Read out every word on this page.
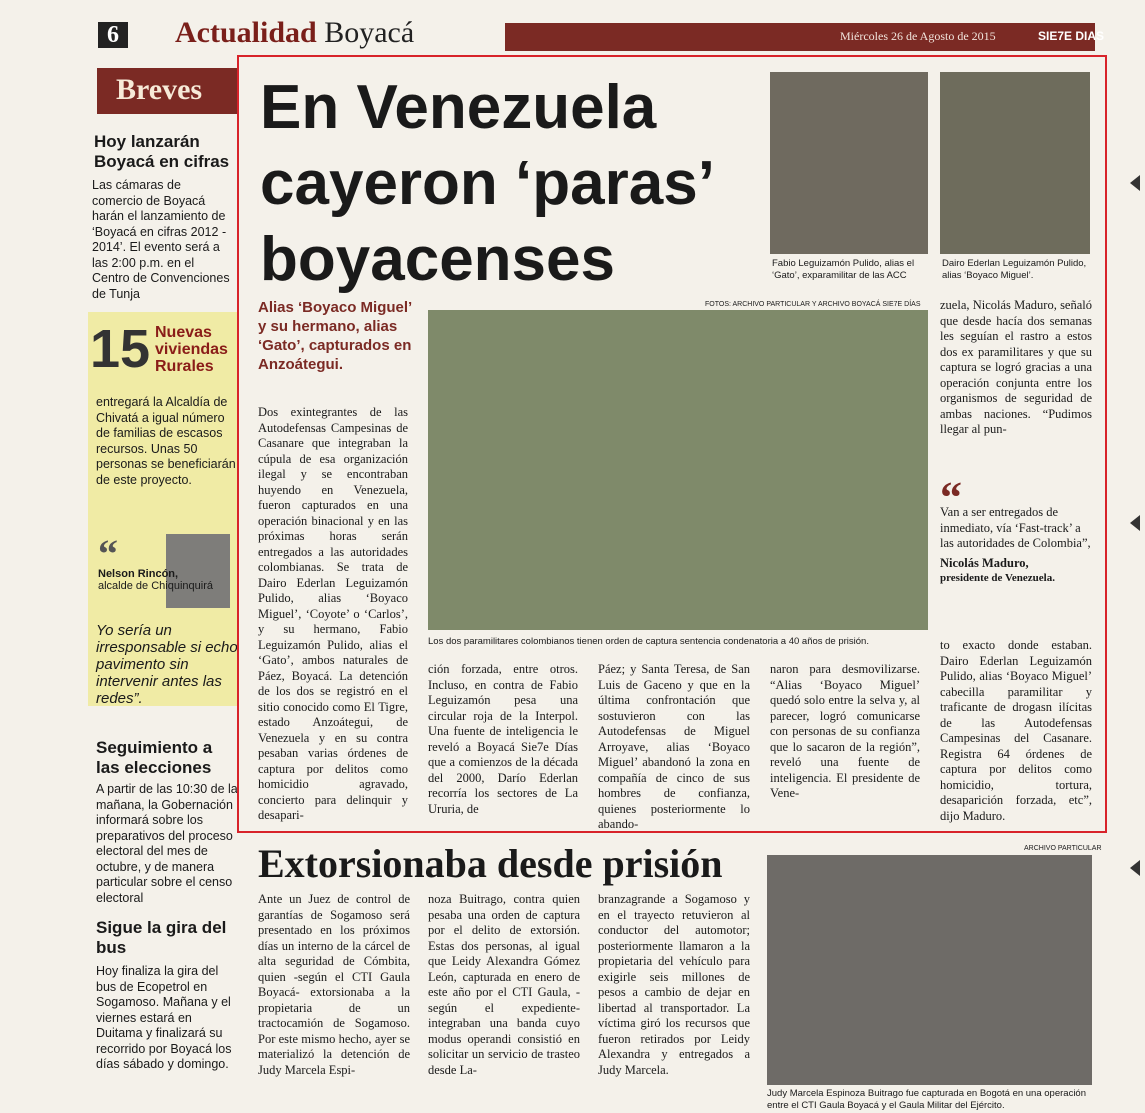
6	Actualidad Boyacá	Miércoles 26 de Agosto de 2015	SIE7E DIAS
Breves
Hoy lanzarán Boyacá en cifras
Las cámaras de comercio de Boyacá harán el lanzamiento de ‘Boyacá en cifras 2012 - 2014’. El evento será a las 2:00 p.m. en el Centro de Convenciones de Tunja
15 Nuevas viviendas Rurales
entregará la Alcaldía de Chivatá a igual número de familias de escasos recursos. Unas 50 personas se beneficiarán de este proyecto.
“
Nelson Rincón,
alcalde de Chiquinquirá
Yo sería un irresponsable si echo pavimento sin intervenir antes las redes”.
Seguimiento a las elecciones
A partir de las 10:30 de la mañana, la Gobernación informará sobre los preparativos del proceso electoral del mes de octubre, y de manera particular sobre el censo electoral
Sigue la gira del bus
Hoy finaliza la gira del bus de Ecopetrol en Sogamoso. Mañana y el viernes estará en Duitama y finalizará su recorrido por Boyacá los días sábado y domingo.
En Venezuela cayeron ‘paras’ boyacenses	Fabio Leguizamón Pulido, alias el ‘Gato’, exparamilitar de las ACC
Dairo Ederlan Leguizamón Pulido, alias ‘Boyaco Miguel’.
Alias ‘Boyaco Miguel’ y su hermano, alias ‘Gato’, capturados en Anzoátegui.
FOTOS: ARCHIVO PARTICULAR Y ARCHIVO BOYACÁ SIE7E DÍAS
Los dos paramilitares colombianos tienen orden de captura sentencia condenatoria a 40 años de prisión.
Dos exintegrantes de las Autodefensas Campesinas de Casanare que integraban la cúpula de esa organización ilegal y se encontraban huyendo en Venezuela, fueron capturados en una operación binacional y en las próximas horas serán entregados a las autoridades colombianas. Se trata de Dairo Ederlan Leguizamón Pulido, alias ‘Boyaco Miguel’, ‘Coyote’ o ‘Carlos’, y su hermano, Fabio Leguizamón Pulido, alias el ‘Gato’, ambos naturales de Páez, Boyacá. La detención de los dos se registró en el sitio conocido como El Tigre, estado Anzoátegui, de Venezuela y en su contra pesaban varias órdenes de captura por delitos como homicidio agravado, concierto para delinquir y desapari-
ción forzada, entre otros. Incluso, en contra de Fabio Leguizamón pesa una circular roja de la Interpol. Una fuente de inteligencia le reveló a Boyacá Sie7e Días que a comienzos de la década del 2000, Darío Ederlan recorría los sectores de La Ururia, de
Páez; y Santa Teresa, de San Luis de Gaceno y que en la última confrontación que sostuvieron con las Autodefensas de Miguel Arroyave, alias ‘Boyaco Miguel’ abandonó la zona en compañía de cinco de sus hombres de confianza, quienes posteriormente lo abando-
naron para desmovilizarse. “Alias ‘Boyaco Miguel’ quedó solo entre la selva y, al parecer, logró comunicarse con personas de su confianza que lo sacaron de la región”, reveló una fuente de inteligencia. El presidente de Vene-
zuela, Nicolás Maduro, señaló que desde hacía dos semanas les seguían el rastro a estos dos ex paramilitares y que su captura se logró gracias a una operación conjunta entre los organismos de seguridad de ambas naciones. “Pudimos llegar al pun-
to exacto donde estaban. Dairo Ederlan Leguizamón Pulido, alias ‘Boyaco Miguel’ cabecilla paramilitar y traficante de drogasn ilícitas de las Autodefensas Campesinas del Casanare. Registra 64 órdenes de captura por delitos como homicidio, tortura, desaparición forzada, etc”, dijo Maduro.
“
Van a ser entregados de inmediato, vía ‘Fast-track’ a las autoridades de Colombia”,
Nicolás Maduro,
presidente de Venezuela.
Extorsionaba desde prisión
Ante un Juez de control de garantías de Sogamoso será presentado en los próximos días un interno de la cárcel de alta seguridad de Cómbita, quien -según el CTI Gaula Boyacá- extorsionaba a la propietaria de un tractocamión de Sogamoso. Por este mismo hecho, ayer se materializó la detención de Judy Marcela Espi-
noza Buitrago, contra quien pesaba una orden de captura por el delito de extorsión. Estas dos personas, al igual que Leidy Alexandra Gómez León, capturada en enero de este año por el CTI Gaula, -según el expediente- integraban una banda cuyo modus operandi consistió en solicitar un servicio de trasteo desde La-
branzagrande a Sogamoso y en el trayecto retuvieron al conductor del automotor; posteriormente llamaron a la propietaria del vehículo para exigirle seis millones de pesos a cambio de dejar en libertad al transportador. La víctima giró los recursos que fueron retirados por Leidy Alexandra y entregados a Judy Marcela.
ARCHIVO PARTICULAR
Judy Marcela Espinoza Buitrago fue capturada en Bogotá en una operación entre el CTI Gaula Boyacá y el Gaula Militar del Ejército.
